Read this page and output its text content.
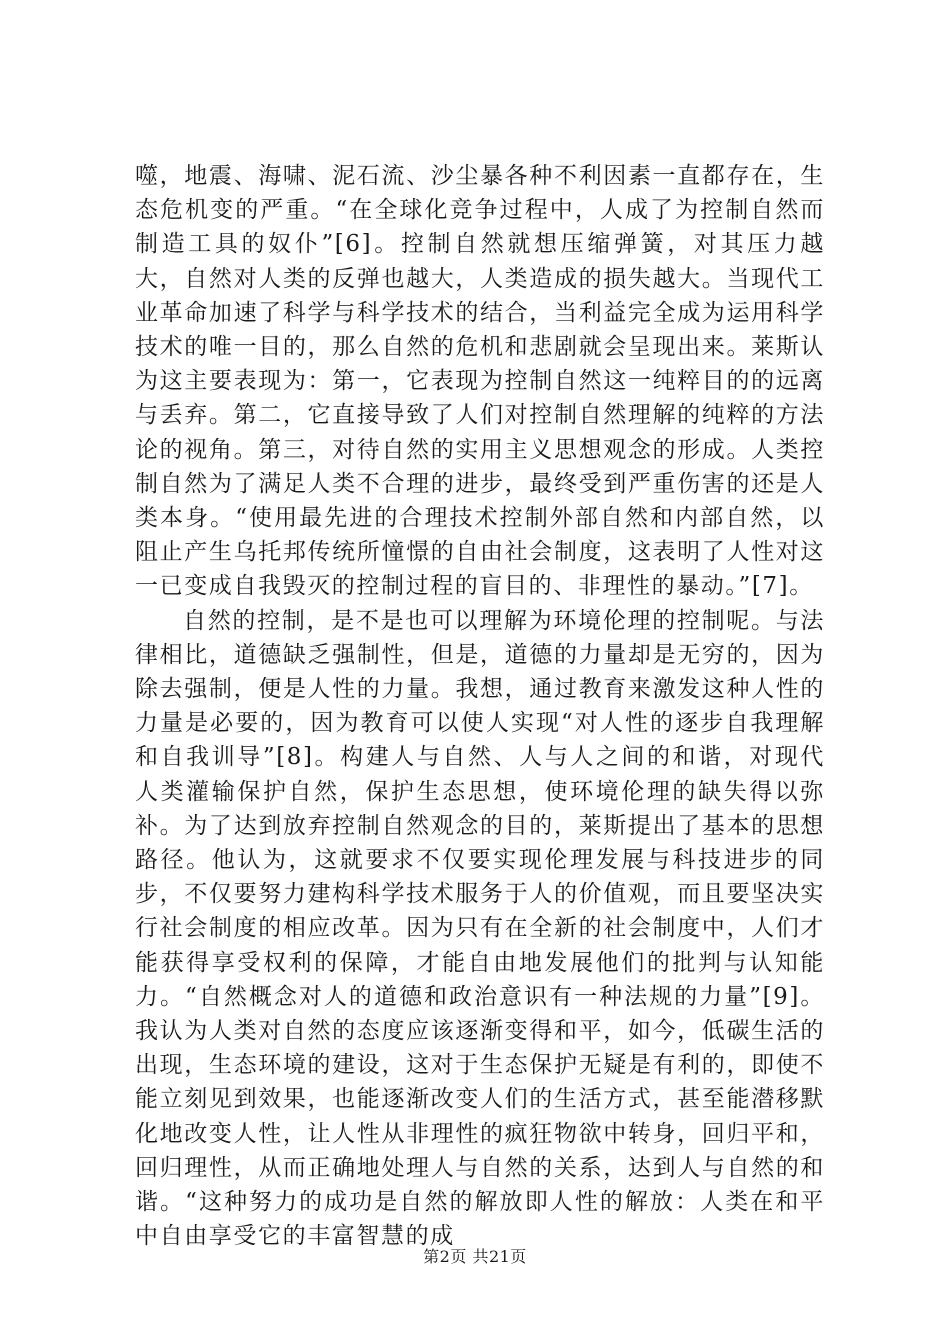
噬，地震、海啸、泥石流、沙尘暴各种不利因素一直都存在，生态危机变的严重。“在全球化竞争过程中，人成了为控制自然而制造工具的奴仆”[6]。控制自然就想压缩弹簧，对其压力越大，自然对人类的反弹也越大，人类造成的损失越大。当现代工业革命加速了科学与科学技术的结合，当利益完全成为运用科学技术的唯一目的，那么自然的危机和悲剧就会呈现出来。莱斯认为这主要表现为：第一，它表现为控制自然这一纯粹目的的远离与丢弃。第二，它直接导致了人们对控制自然理解的纯粹的方法论的视角。第三，对待自然的实用主义思想观念的形成。人类控制自然为了满足人类不合理的进步，最终受到严重伤害的还是人类本身。“使用最先进的合理技术控制外部自然和内部自然，以阻止产生乌托邦传统所憧憬的自由社会制度，这表明了人性对这一已变成自我毁灭的控制过程的盲目的、非理性的暴动。”[7]。

自然的控制，是不是也可以理解为环境伦理的控制呢。与法律相比，道德缺乏强制性，但是，道德的力量却是无穷的，因为除去强制，便是人性的力量。我想，通过教育来激发这种人性的力量是必要的，因为教育可以使人实现“对人性的逐步自我理解和自我训导”[8]。构建人与自然、人与人之间的和谐，对现代人类灌输保护自然，保护生态思想，使环境伦理的缺失得以弥补。为了达到放弃控制自然观念的目的，莱斯提出了基本的思想路径。他认为，这就要求不仅要实现伦理发展与科技进步的同步，不仅要努力建构科学技术服务于人的价值观，而且要坚决实行社会制度的相应改革。因为只有在全新的社会制度中，人们才能获得享受权利的保障，才能自由地发展他们的批判与认知能力。“自然概念对人的道德和政治意识有一种法规的力量”[9]。我认为人类对自然的态度应该逐渐变得和平，如今，低碳生活的出现，生态环境的建设，这对于生态保护无疑是有利的，即使不能立刻见到效果，也能逐渐改变人们的生活方式，甚至能潜移默化地改变人性，让人性从非理性的疯狂物欲中转身，回归平和，回归理性，从而正确地处理人与自然的关系，达到人与自然的和谐。“这种努力的成功是自然的解放即人性的解放：人类在和平中自由享受它的丰富智慧的成

第2页 共21页
